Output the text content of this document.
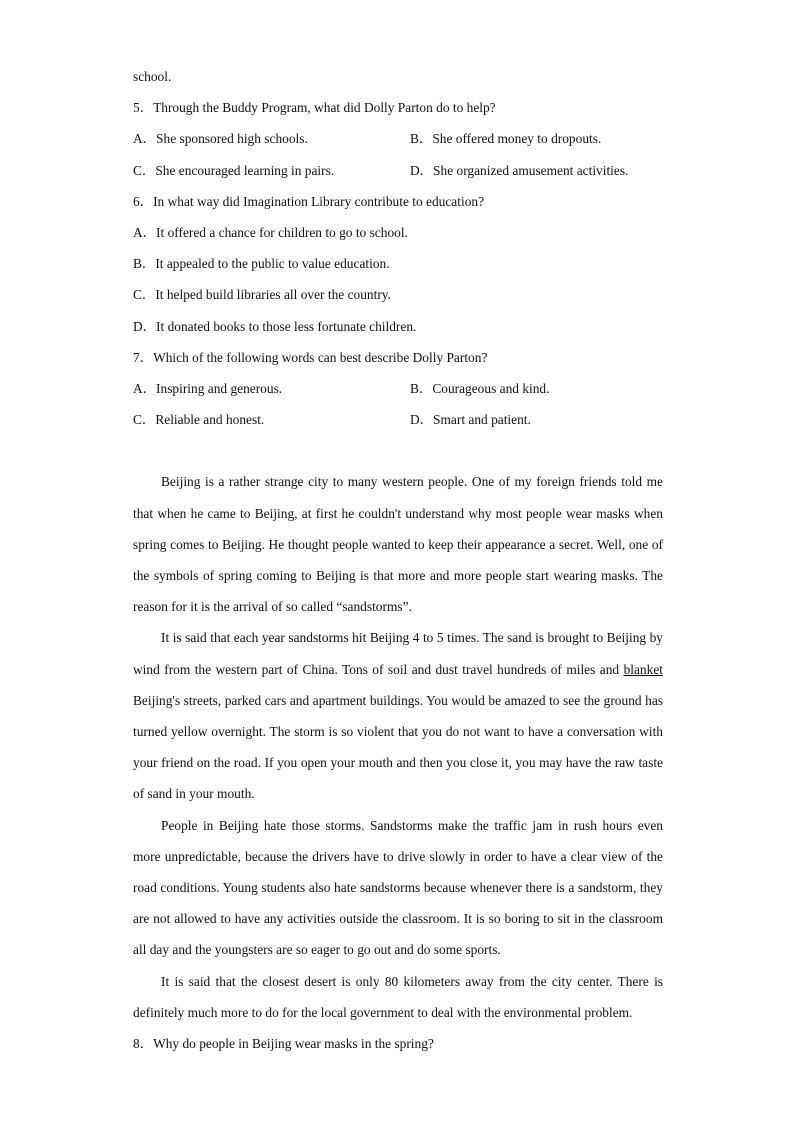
school.
5．Through the Buddy Program, what did Dolly Parton do to help?
A．She sponsored high schools.	B．She offered money to dropouts.
C．She encouraged learning in pairs.	D．She organized amusement activities.
6．In what way did Imagination Library contribute to education?
A．It offered a chance for children to go to school.
B．It appealed to the public to value education.
C．It helped build libraries all over the country.
D．It donated books to those less fortunate children.
7．Which of the following words can best describe Dolly Parton?
A．Inspiring and generous.	B．Courageous and kind.
C．Reliable and honest.	D．Smart and patient.
Beijing is a rather strange city to many western people. One of my foreign friends told me that when he came to Beijing, at first he couldn't understand why most people wear masks when spring comes to Beijing. He thought people wanted to keep their appearance a secret. Well, one of the symbols of spring coming to Beijing is that more and more people start wearing masks. The reason for it is the arrival of so called “sandstorms”.
It is said that each year sandstorms hit Beijing 4 to 5 times. The sand is brought to Beijing by wind from the western part of China. Tons of soil and dust travel hundreds of miles and blanket Beijing's streets, parked cars and apartment buildings. You would be amazed to see the ground has turned yellow overnight. The storm is so violent that you do not want to have a conversation with your friend on the road. If you open your mouth and then you close it, you may have the raw taste of sand in your mouth.
People in Beijing hate those storms. Sandstorms make the traffic jam in rush hours even more unpredictable, because the drivers have to drive slowly in order to have a clear view of the road conditions. Young students also hate sandstorms because whenever there is a sandstorm, they are not allowed to have any activities outside the classroom. It is so boring to sit in the classroom all day and the youngsters are so eager to go out and do some sports.
It is said that the closest desert is only 80 kilometers away from the city center. There is definitely much more to do for the local government to deal with the environmental problem.
8．Why do people in Beijing wear masks in the spring?
